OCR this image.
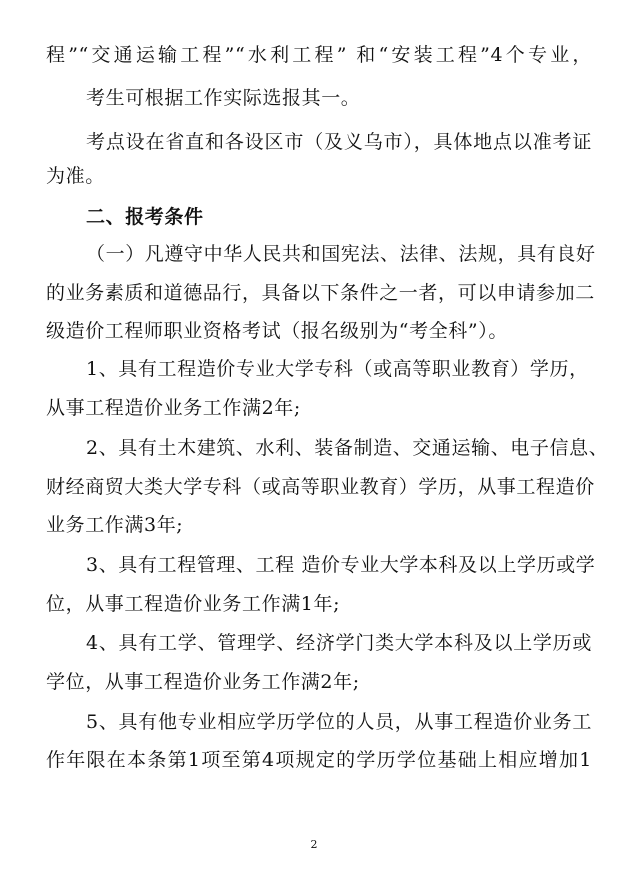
程”“交通运输工程”“水利工程” 和“安装工程”4个专业，
考生可根据工作实际选报其一。
考点设在省直和各设区市（及义乌市），具体地点以准考证
为准。
二、报考条件
（一）凡遵守中华人民共和国宪法、法律、法规，具有良好
的业务素质和道德品行，具备以下条件之一者，可以申请参加二
级造价工程师职业资格考试（报名级别为“考全科”）。
1、具有工程造价专业大学专科（或高等职业教育）学历，
从事工程造价业务工作满2年;
2、具有土木建筑、水利、装备制造、交通运输、电子信息、
财经商贸大类大学专科（或高等职业教育）学历，从事工程造价
业务工作满3年;
3、具有工程管理、工程 造价专业大学本科及以上学历或学
位，从事工程造价业务工作满1年;
4、具有工学、管理学、经济学门类大学本科及以上学历或
学位，从事工程造价业务工作满2年;
5、具有他专业相应学历学位的人员，从事工程造价业务工
作年限在本条第1项至第4项规定的学历学位基础上相应增加1
2
